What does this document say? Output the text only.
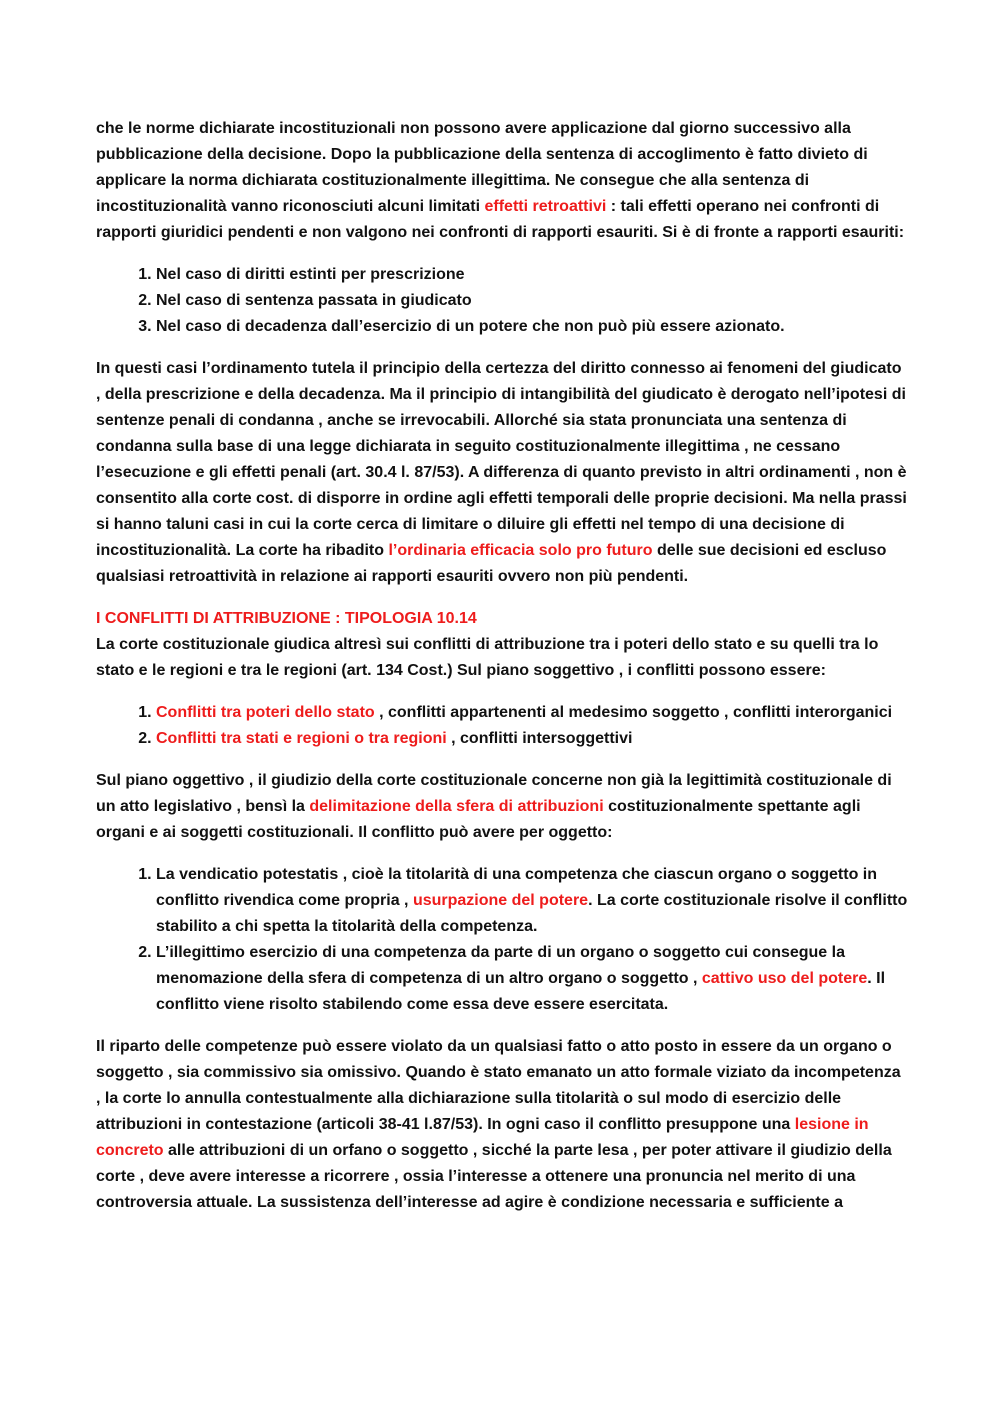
che le norme dichiarate incostituzionali non possono avere applicazione dal giorno successivo alla pubblicazione della decisione. Dopo la pubblicazione della sentenza di accoglimento è fatto divieto di applicare la norma dichiarata costituzionalmente illegittima. Ne consegue che alla sentenza di incostituzionalità vanno riconosciuti alcuni limitati effetti retroattivi : tali effetti operano nei confronti di rapporti giuridici pendenti e non valgono nei confronti di rapporti esauriti. Si è di fronte a rapporti esauriti:

1. Nel caso di diritti estinti per prescrizione
2. Nel caso di sentenza passata in giudicato
3. Nel caso di decadenza dall’esercizio di un potere che non può più essere azionato.

In questi casi l’ordinamento tutela il principio della certezza del diritto connesso ai fenomeni del giudicato , della prescrizione e della decadenza. Ma il principio di intangibilità del giudicato è derogato nell’ipotesi di sentenze penali di condanna , anche se irrevocabili. Allorché sia stata pronunciata una sentenza di condanna sulla base di una legge dichiarata in seguito costituzionalmente illegittima , ne cessano l’esecuzione e gli effetti penali (art. 30.4 l. 87/53). A differenza di quanto previsto in altri ordinamenti , non è consentito alla corte cost. di disporre in ordine agli effetti temporali delle proprie decisioni. Ma nella prassi si hanno taluni casi in cui la corte cerca di limitare o diluire gli effetti nel tempo di una decisione di incostituzionalità. La corte ha ribadito l’ordinaria efficacia solo pro futuro delle sue decisioni ed escluso qualsiasi retroattività in relazione ai rapporti esauriti ovvero non più pendenti.

I CONFLITTI DI ATTRIBUZIONE : TIPOLOGIA 10.14

La corte costituzionale giudica altresì sui conflitti di attribuzione tra i poteri dello stato e su quelli tra lo stato e le regioni e tra le regioni (art. 134 Cost.) Sul piano soggettivo , i conflitti possono essere:

1. Conflitti tra poteri dello stato , conflitti appartenenti al medesimo soggetto , conflitti interorganici
2. Conflitti tra stati e regioni o tra regioni , conflitti intersoggettivi

Sul piano oggettivo , il giudizio della corte costituzionale concerne non già la legittimità costituzionale di un atto legislativo , bensì la delimitazione della sfera di attribuzioni costituzionalmente spettante agli organi e ai soggetti costituzionali. Il conflitto può avere per oggetto:

1. La vendicatio potestatis , cioè la titolarità di una competenza che ciascun organo o soggetto in conflitto rivendica come propria , usurpazione del potere. La corte costituzionale risolve il conflitto stabilito a chi spetta la titolarità della competenza.
2. L’illegittimo esercizio di una competenza da parte di un organo o soggetto cui consegue la menomazione della sfera di competenza di un altro organo o soggetto , cattivo uso del potere. Il conflitto viene risolto stabilendo come essa deve essere esercitata.

Il riparto delle competenze può essere violato da un qualsiasi fatto o atto posto in essere da un organo o soggetto , sia commissivo sia omissivo. Quando è stato emanato un atto formale viziato da incompetenza , la corte lo annulla contestualmente alla dichiarazione sulla titolarità o sul modo di esercizio delle attribuzioni in contestazione (articoli 38-41 l.87/53). In ogni caso il conflitto presuppone una lesione in concreto alle attribuzioni di un orfano o soggetto , sicché la parte lesa , per poter attivare il giudizio della corte , deve avere interesse a ricorrere , ossia l’interesse a ottenere una pronuncia nel merito di una controversia attuale. La sussistenza dell’interesse ad agire è condizione necessaria e sufficiente a
